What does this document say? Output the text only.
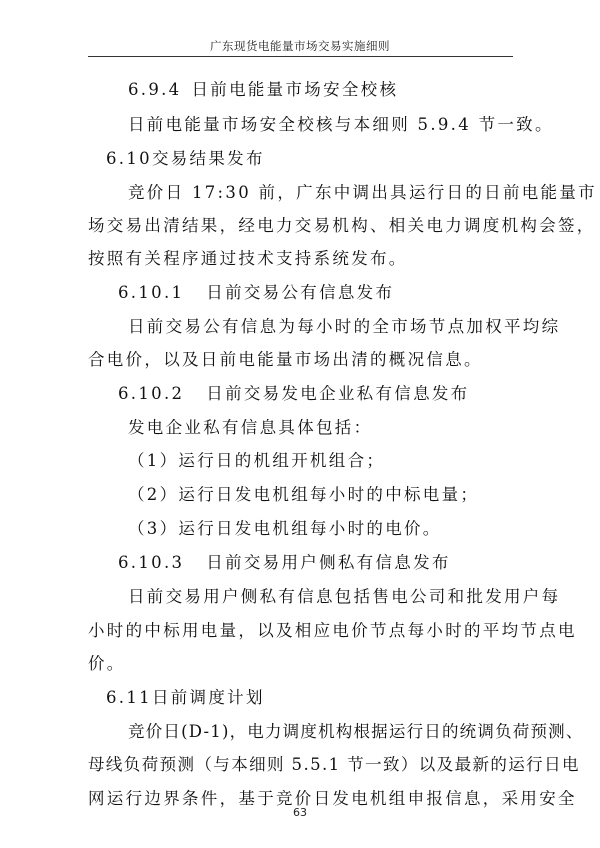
广东现货电能量市场交易实施细则
6.9.4 日前电能量市场安全校核
日前电能量市场安全校核与本细则 5.9.4 节一致。
6.10交易结果发布
竞价日 17:30 前，广东中调出具运行日的日前电能量市
场交易出清结果，经电力交易机构、相关电力调度机构会签，
按照有关程序通过技术支持系统发布。
6.10.1 日前交易公有信息发布
日前交易公有信息为每小时的全市场节点加权平均综
合电价，以及日前电能量市场出清的概况信息。
6.10.2 日前交易发电企业私有信息发布
发电企业私有信息具体包括：
（1）运行日的机组开机组合；
（2）运行日发电机组每小时的中标电量；
（3）运行日发电机组每小时的电价。
6.10.3 日前交易用户侧私有信息发布
日前交易用户侧私有信息包括售电公司和批发用户每
小时的中标用电量，以及相应电价节点每小时的平均节点电
价。
6.11日前调度计划
竞价日(D-1)，电力调度机构根据运行日的统调负荷预测、
母线负荷预测（与本细则 5.5.1 节一致）以及最新的运行日电
网运行边界条件，基于竞价日发电机组申报信息，采用安全
63
